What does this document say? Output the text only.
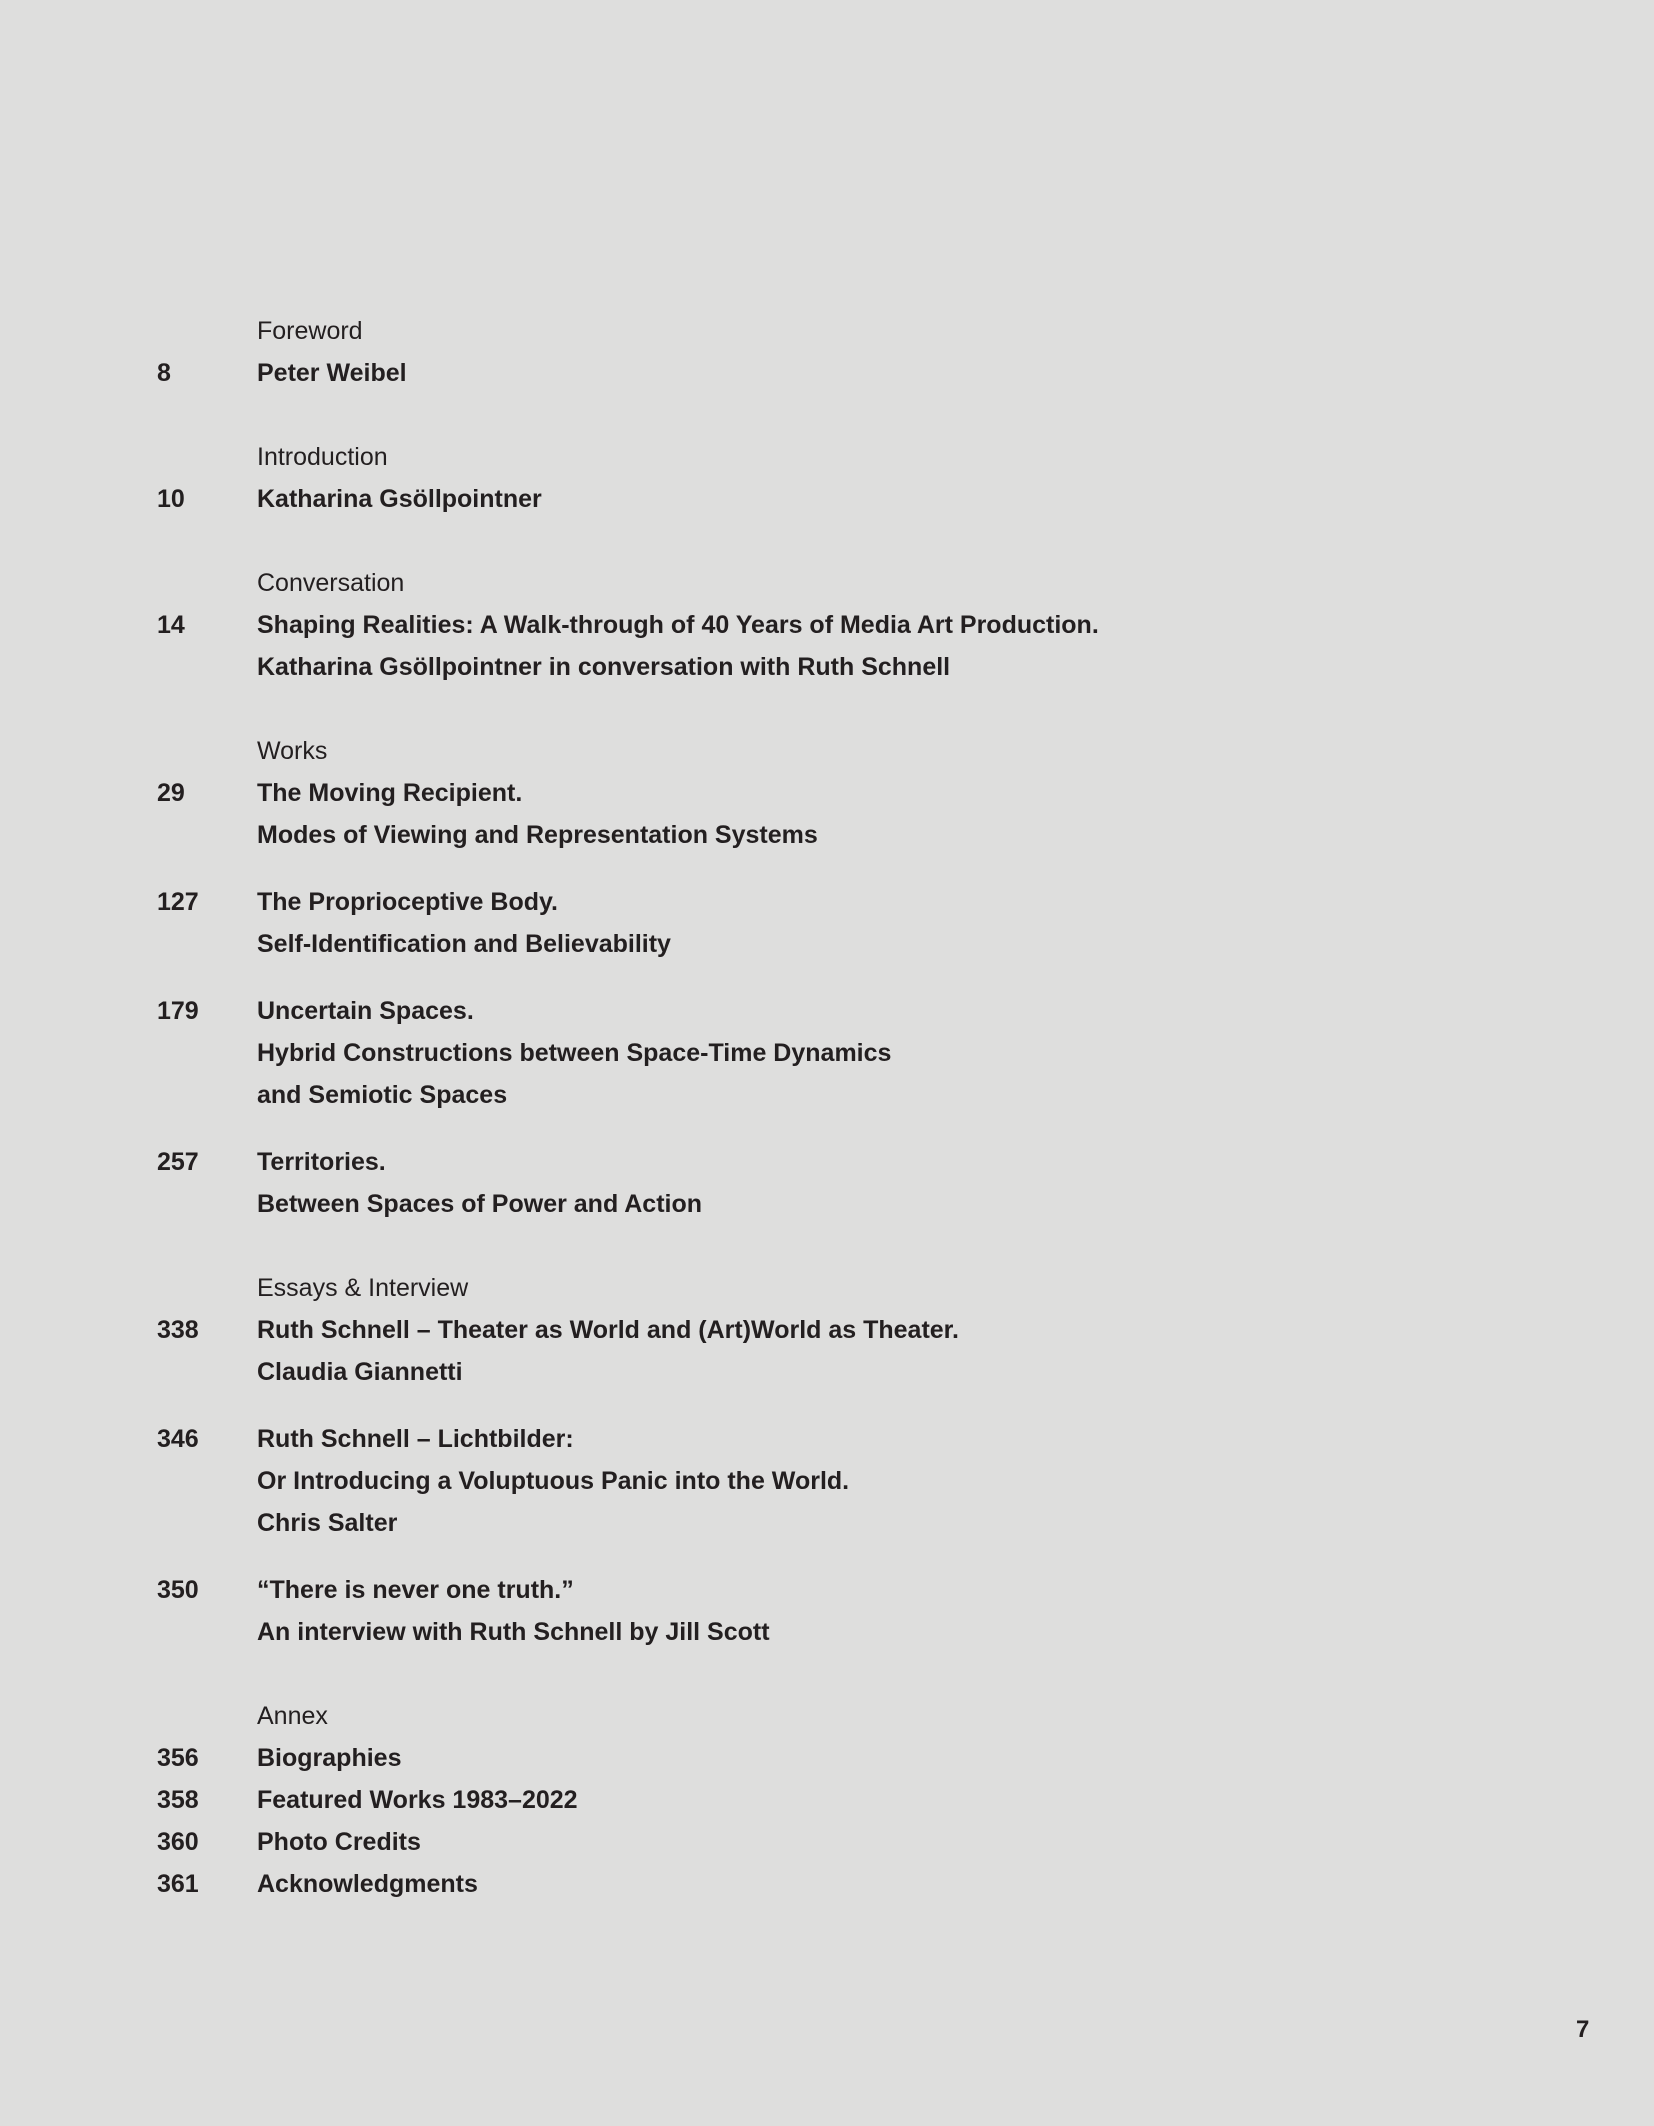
Foreword
8	Peter Weibel
Introduction
10	Katharina Gsöllpointner
Conversation
14	Shaping Realities: A Walk-through of 40 Years of Media Art Production.
Katharina Gsöllpointner in conversation with Ruth Schnell
Works
29	The Moving Recipient.
Modes of Viewing and Representation Systems
127	The Proprioceptive Body.
Self-Identification and Believability
179	Uncertain Spaces.
Hybrid Constructions between Space-Time Dynamics
and Semiotic Spaces
257	Territories.
Between Spaces of Power and Action
Essays & Interview
338	Ruth Schnell – Theater as World and (Art)World as Theater.
Claudia Giannetti
346	Ruth Schnell – Lichtbilder:
Or Introducing a Voluptuous Panic into the World.
Chris Salter
350	“There is never one truth.”
An interview with Ruth Schnell by Jill Scott
Annex
356	Biographies
358	Featured Works 1983–2022
360	Photo Credits
361	Acknowledgments
7
